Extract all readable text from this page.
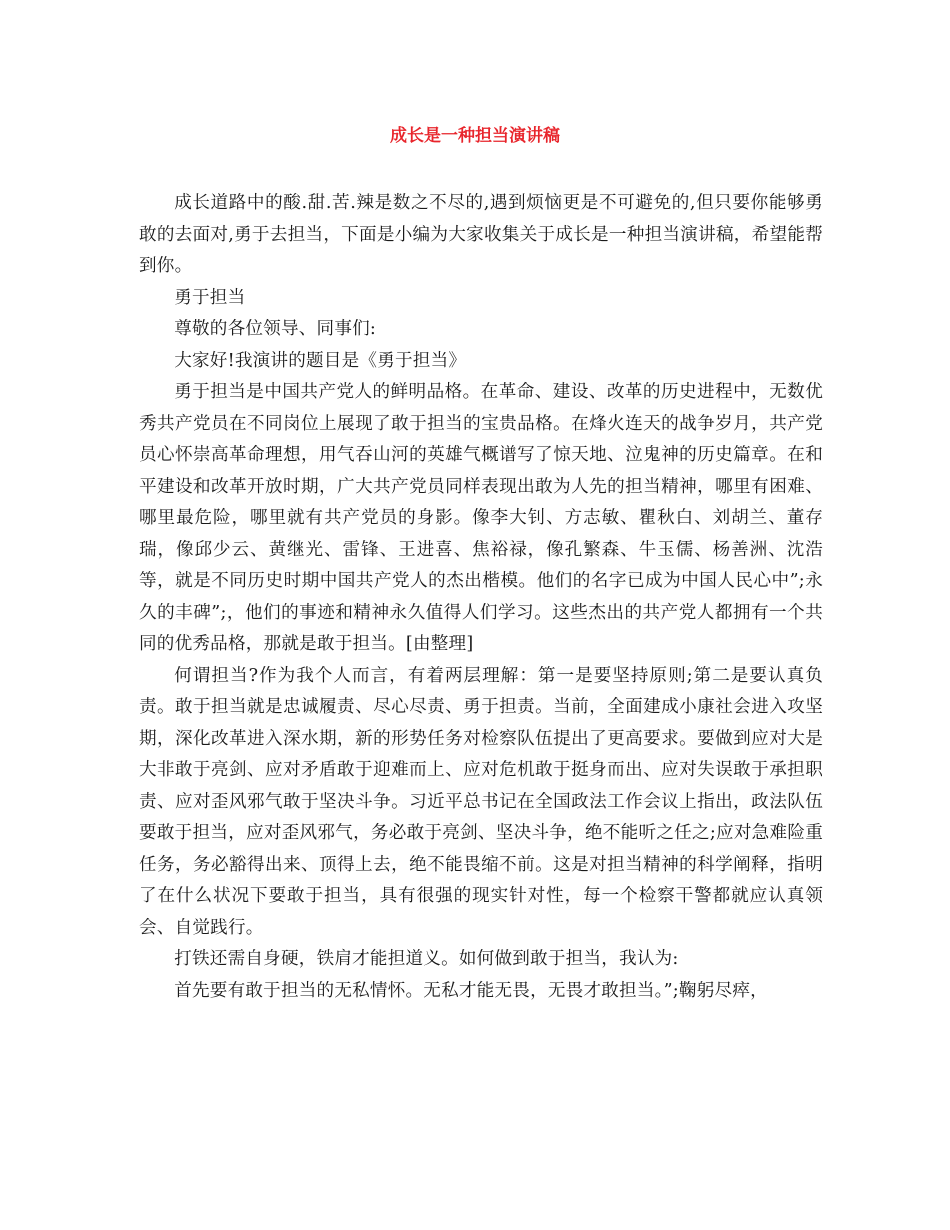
成长是一种担当演讲稿

成长道路中的酸.甜.苦.辣是数之不尽的,遇到烦恼更是不可避免的,但只要你能够勇敢的去面对,勇于去担当，下面是小编为大家收集关于成长是一种担当演讲稿，希望能帮到你。

勇于担当

尊敬的各位领导、同事们:

大家好!我演讲的题目是《勇于担当》

勇于担当是中国共产党人的鲜明品格。在革命、建设、改革的历史进程中，无数优秀共产党员在不同岗位上展现了敢于担当的宝贵品格。在烽火连天的战争岁月，共产党员心怀崇高革命理想，用气吞山河的英雄气概谱写了惊天地、泣鬼神的历史篇章。在和平建设和改革开放时期，广大共产党员同样表现出敢为人先的担当精神，哪里有困难、哪里最危险，哪里就有共产党员的身影。像李大钊、方志敏、瞿秋白、刘胡兰、董存瑞，像邱少云、黄继光、雷锋、王进喜、焦裕禄，像孔繁森、牛玉儒、杨善洲、沈浩等，就是不同历史时期中国共产党人的杰出楷模。他们的名字已成为中国人民心中”;永久的丰碑”;，他们的事迹和精神永久值得人们学习。这些杰出的共产党人都拥有一个共同的优秀品格，那就是敢于担当。[由整理]

何谓担当?作为我个人而言，有着两层理解：第一是要坚持原则;第二是要认真负责。敢于担当就是忠诚履责、尽心尽责、勇于担责。当前，全面建成小康社会进入攻坚期，深化改革进入深水期，新的形势任务对检察队伍提出了更高要求。要做到应对大是大非敢于亮剑、应对矛盾敢于迎难而上、应对危机敢于挺身而出、应对失误敢于承担职责、应对歪风邪气敢于坚决斗争。习近平总书记在全国政法工作会议上指出，政法队伍要敢于担当，应对歪风邪气，务必敢于亮剑、坚决斗争，绝不能听之任之;应对急难险重任务，务必豁得出来、顶得上去，绝不能畏缩不前。这是对担当精神的科学阐释，指明了在什么状况下要敢于担当，具有很强的现实针对性，每一个检察干警都就应认真领会、自觉践行。

打铁还需自身硬，铁肩才能担道义。如何做到敢于担当，我认为:

首先要有敢于担当的无私情怀。无私才能无畏，无畏才敢担当。”;鞠躬尽瘁，
